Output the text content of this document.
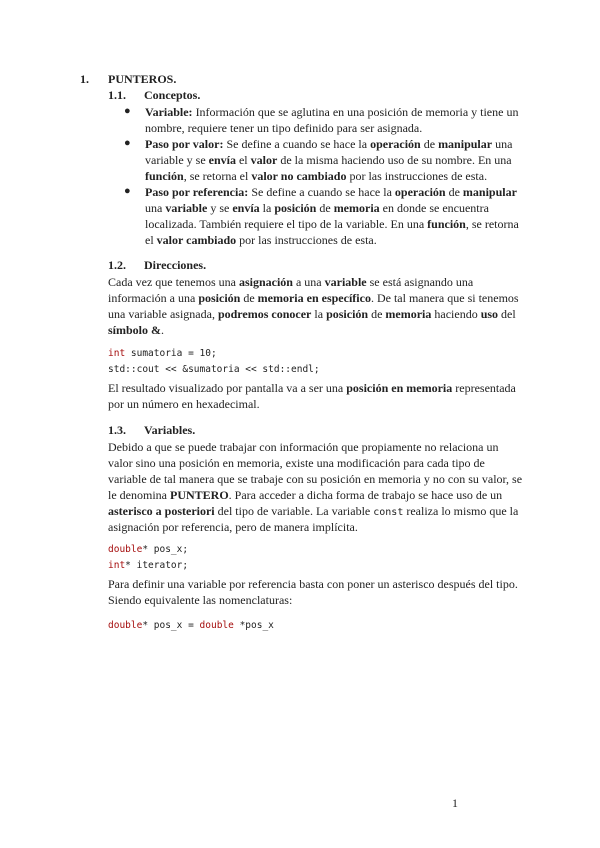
1. PUNTEROS.
1.1. Conceptos.
●	Variable: Información que se aglutina en una posición de memoria y tiene un
nombre, requiere tener un tipo definido para ser asignada.
●	Paso por valor: Se define a cuando se hace la operación de manipular una
variable y se envía el valor de la misma haciendo uso de su nombre. En una
función, se retorna el valor no cambiado por las instrucciones de esta.
●	Paso por referencia: Se define a cuando se hace la operación de manipular
una variable y se envía la posición de memoria en donde se encuentra
localizada. También requiere el tipo de la variable. En una función, se retorna
el valor cambiado por las instrucciones de esta.
1.2. Direcciones.
Cada vez que tenemos una asignación a una variable se está asignando una
información a una posición de memoria en específico. De tal manera que si tenemos
una variable asignada, podremos conocer la posición de memoria haciendo uso del
símbolo &.
int sumatoria = 10;
std::cout << &sumatoria << std::endl;
El resultado visualizado por pantalla va a ser una posición en memoria representada
por un número en hexadecimal.
1.3. Variables.
Debido a que se puede trabajar con información que propiamente no relaciona un
valor sino una posición en memoria, existe una modificación para cada tipo de
variable de tal manera que se trabaje con su posición en memoria y no con su valor, se
le denomina PUNTERO. Para acceder a dicha forma de trabajo se hace uso de un
asterisco a posteriori del tipo de variable. La variable const realiza lo mismo que la
asignación por referencia, pero de manera implícita.
double* pos_x;
int* iterator;
Para definir una variable por referencia basta con poner un asterisco después del tipo.
Siendo equivalente las nomenclaturas:
double* pos_x = double *pos_x
1
